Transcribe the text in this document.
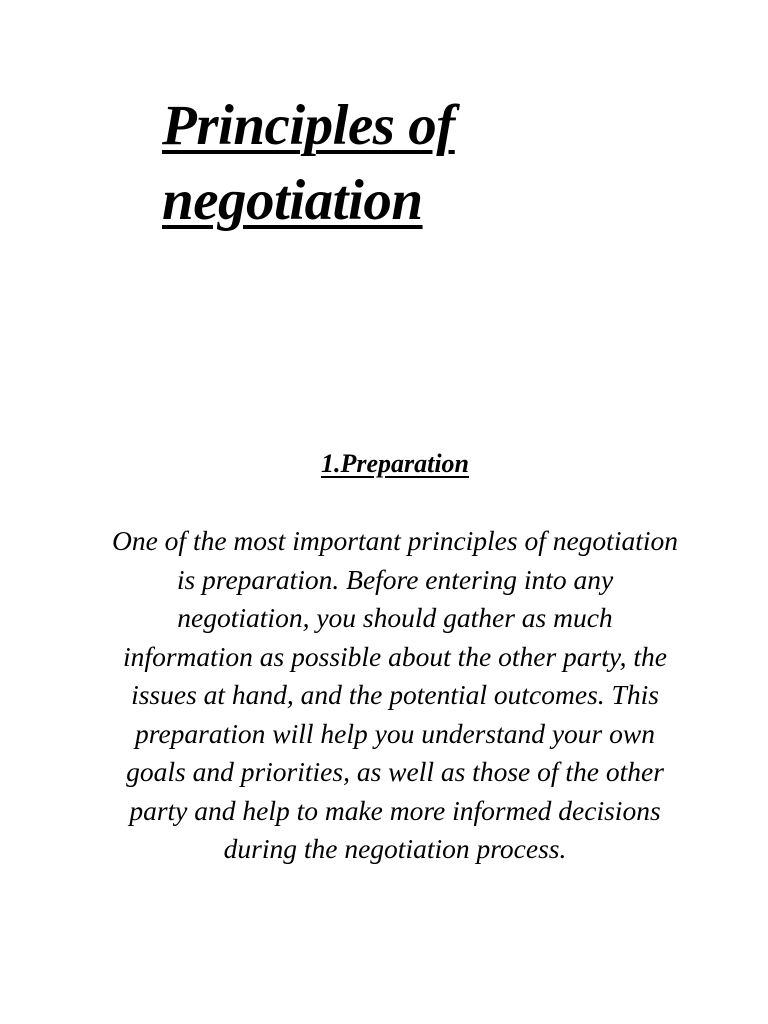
Principles of
negotiation
1.Preparation

One of the most important principles of negotiation is preparation. Before entering into any negotiation, you should gather as much information as possible about the other party, the issues at hand, and the potential outcomes. This preparation will help you understand your own goals and priorities, as well as those of the other party and help to make more informed decisions during the negotiation process.
